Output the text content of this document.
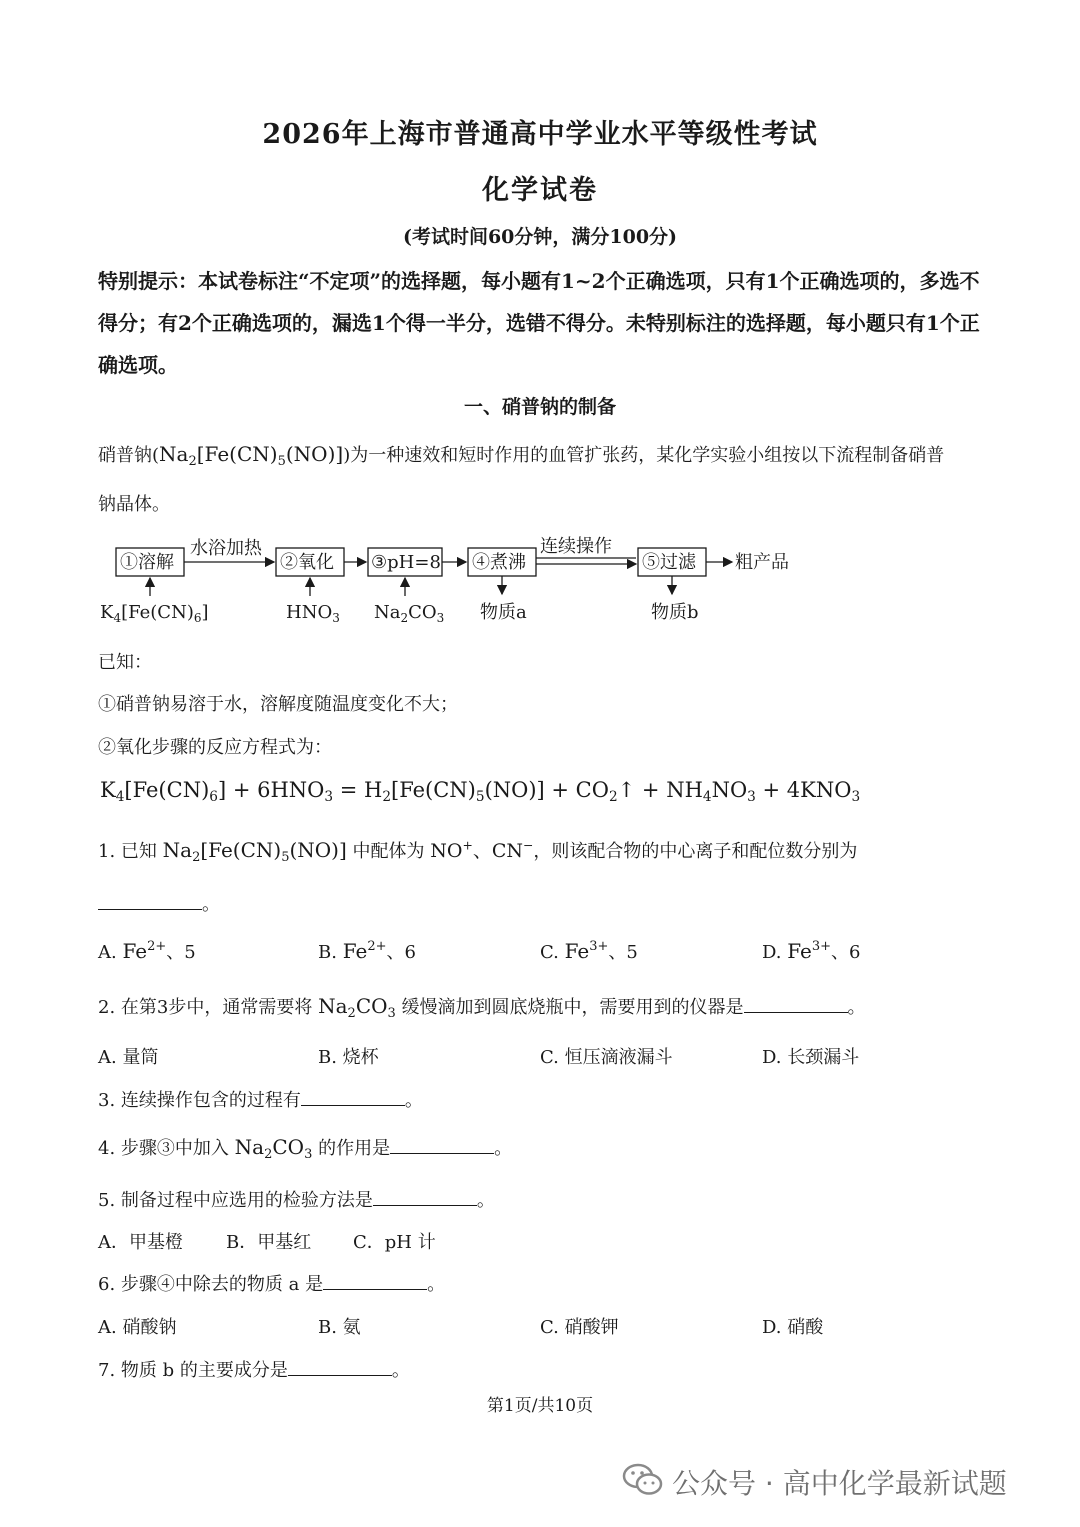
2026年上海市普通高中学业水平等级性考试
化学试卷
(考试时间60分钟，满分100分)
特别提示：本试卷标注“不定项”的选择题，每小题有1~2个正确选项，只有1个正确选项的，多选不得分；有2个正确选项的，漏选1个得一半分，选错不得分。未特别标注的选择题，每小题只有1个正确选项。
一、硝普钠的制备
硝普钠$(Na_2[Fe(CN)_5(NO)])$为一种速效和短时作用的血管扩张药，某化学实验小组按以下流程制备硝普
钠晶体。
①溶解	②氧化 ③pH=8 ④煮沸	⑤过滤
水浴加热	连续操作
粗产品
$K_4[Fe(CN)_6]$	$HNO_3$ $Na_2CO_3$ 物质a	物质b
已知：
①硝普钠易溶于水，溶解度随温度变化不大；
②氧化步骤的反应方程式为：
$K_4[Fe(CN)_6] + 6HNO_3 = H_2[Fe(CN)_5(NO)]$ + $CO_2↑ + NH_4NO_3 + 4KNO_3$
1. 已知 $Na_2[Fe(CN)_5(NO)]$ 中配体为 NO+、CN−，则该配合物的中心离子和配位数分别为
。
A. $Fe^{2+}$、5	B. $Fe^{2+}$、6	C. $Fe^{3+}$、5	D. $Fe^{3+}$、6
2. 在第3步中，通常需要将 $Na_2CO_3$ 缓慢滴加到圆底烧瓶中，需要用到的仪器是	。
A. 量筒	B. 烧杯	C. 恒压滴液漏斗	D. 长颈漏斗
3. 连续操作包含的过程有	。
4. 步骤③中加入 $Na_2CO_3$ 的作用是	。
5. 制备过程中应选用的检验方法是	。
A．甲基橙 B．甲基红 C．pH 计
6. 步骤④中除去的物质 a 是	。
A. 硝酸钠	B. 氨	C. 硝酸钾	D. 硝酸
7. 物质 b 的主要成分是	。
第1页/共10页
公众号 · 高中化学最新试题
